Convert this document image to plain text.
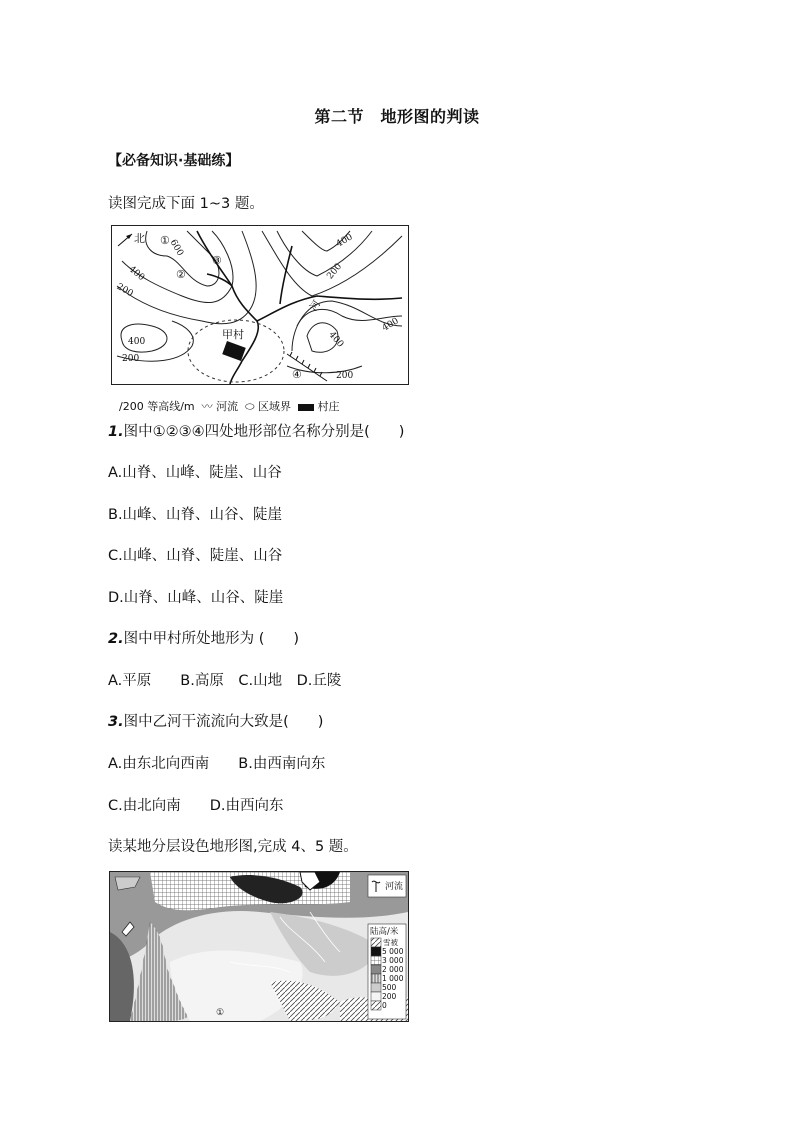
第二节　地形图的判读
【必备知识·基础练】
读图完成下面 1~3 题。
北 ①
②
③
④
600
400
200
400
200
400
400
200
400
200
甲村
河

∕200 等高线/m 〰 河流 ⬭ 区域界 村庄

1.图中①②③④四处地形部位名称分别是(　　)
A.山脊、山峰、陡崖、山谷
B.山峰、山脊、山谷、陡崖
C.山峰、山脊、陡崖、山谷
D.山脊、山峰、山谷、陡崖
2.图中甲村所处地形为 (　　)
A.平原　　B.高原　C.山地　D.丘陵
3.图中乙河干流流向大致是(　　)
A.由东北向西南　　B.由西南向东
C.由北向南　　D.由西向东
读某地分层设色地形图,完成 4、5 题。
河流
陆高/米
雪被
5 000
3 000
2 000
1 000
500
200
0
①
